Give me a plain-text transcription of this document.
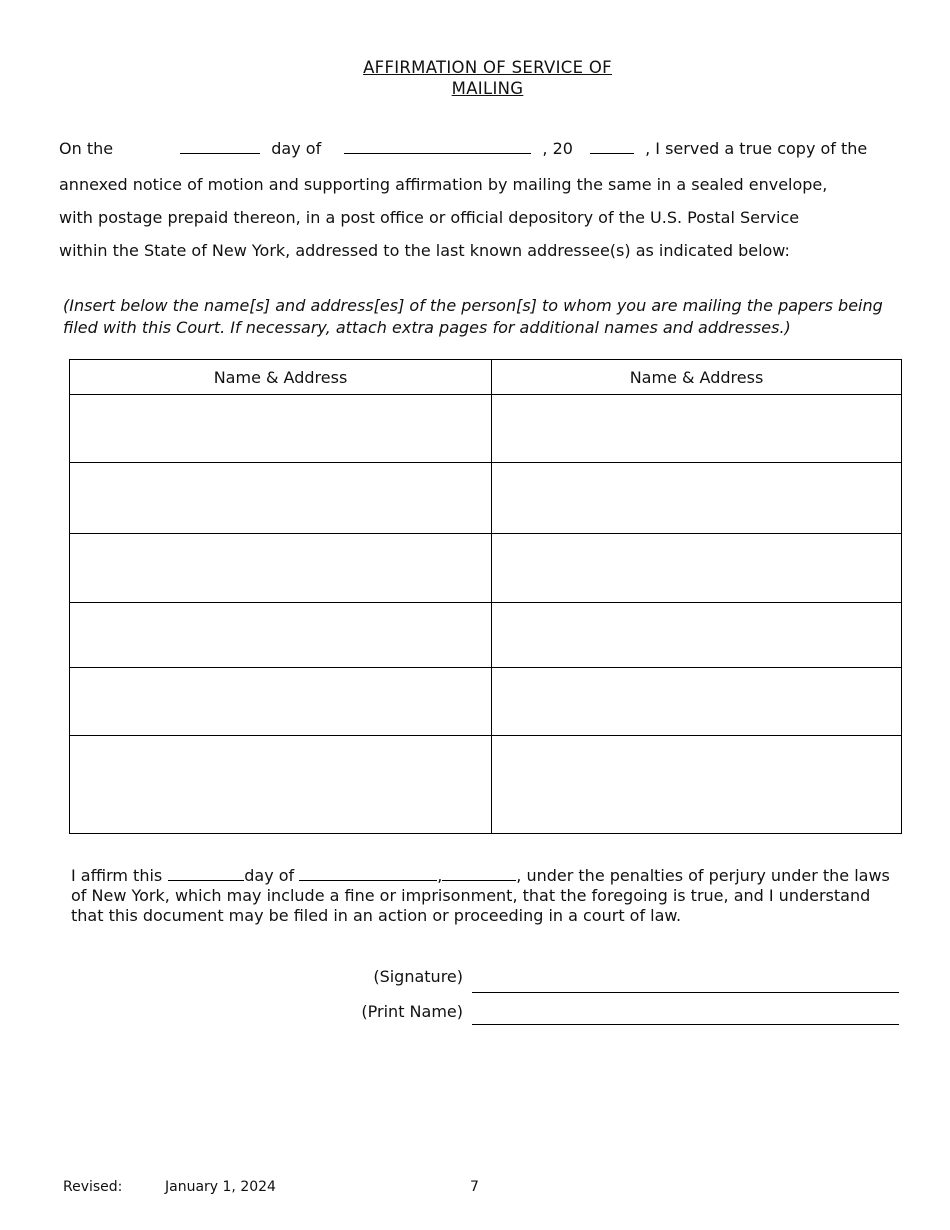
AFFIRMATION OF SERVICE OF
MAILING
On the	day of	, 20	, I served a true copy of the
annexed notice of motion and supporting affirmation by mailing the same in a sealed envelope,
with postage prepaid thereon, in a post office or official depository of the U.S. Postal Service
within the State of New York, addressed to the last known addressee(s) as indicated below:
(Insert below the name[s] and address[es] of the person[s] to whom you are mailing the papers being filed with this Court. If necessary, attach extra pages for additional names and addresses.)
Name & Address	Name & Address

I affirm this	day of	,	, under the penalties of perjury under the laws of New York, which may include a fine or imprisonment, that the foregoing is true, and I understand that this document may be filed in an action or proceeding in a court of law.
(Signature)
(Print Name)
Revised:	January 1, 2024	7
